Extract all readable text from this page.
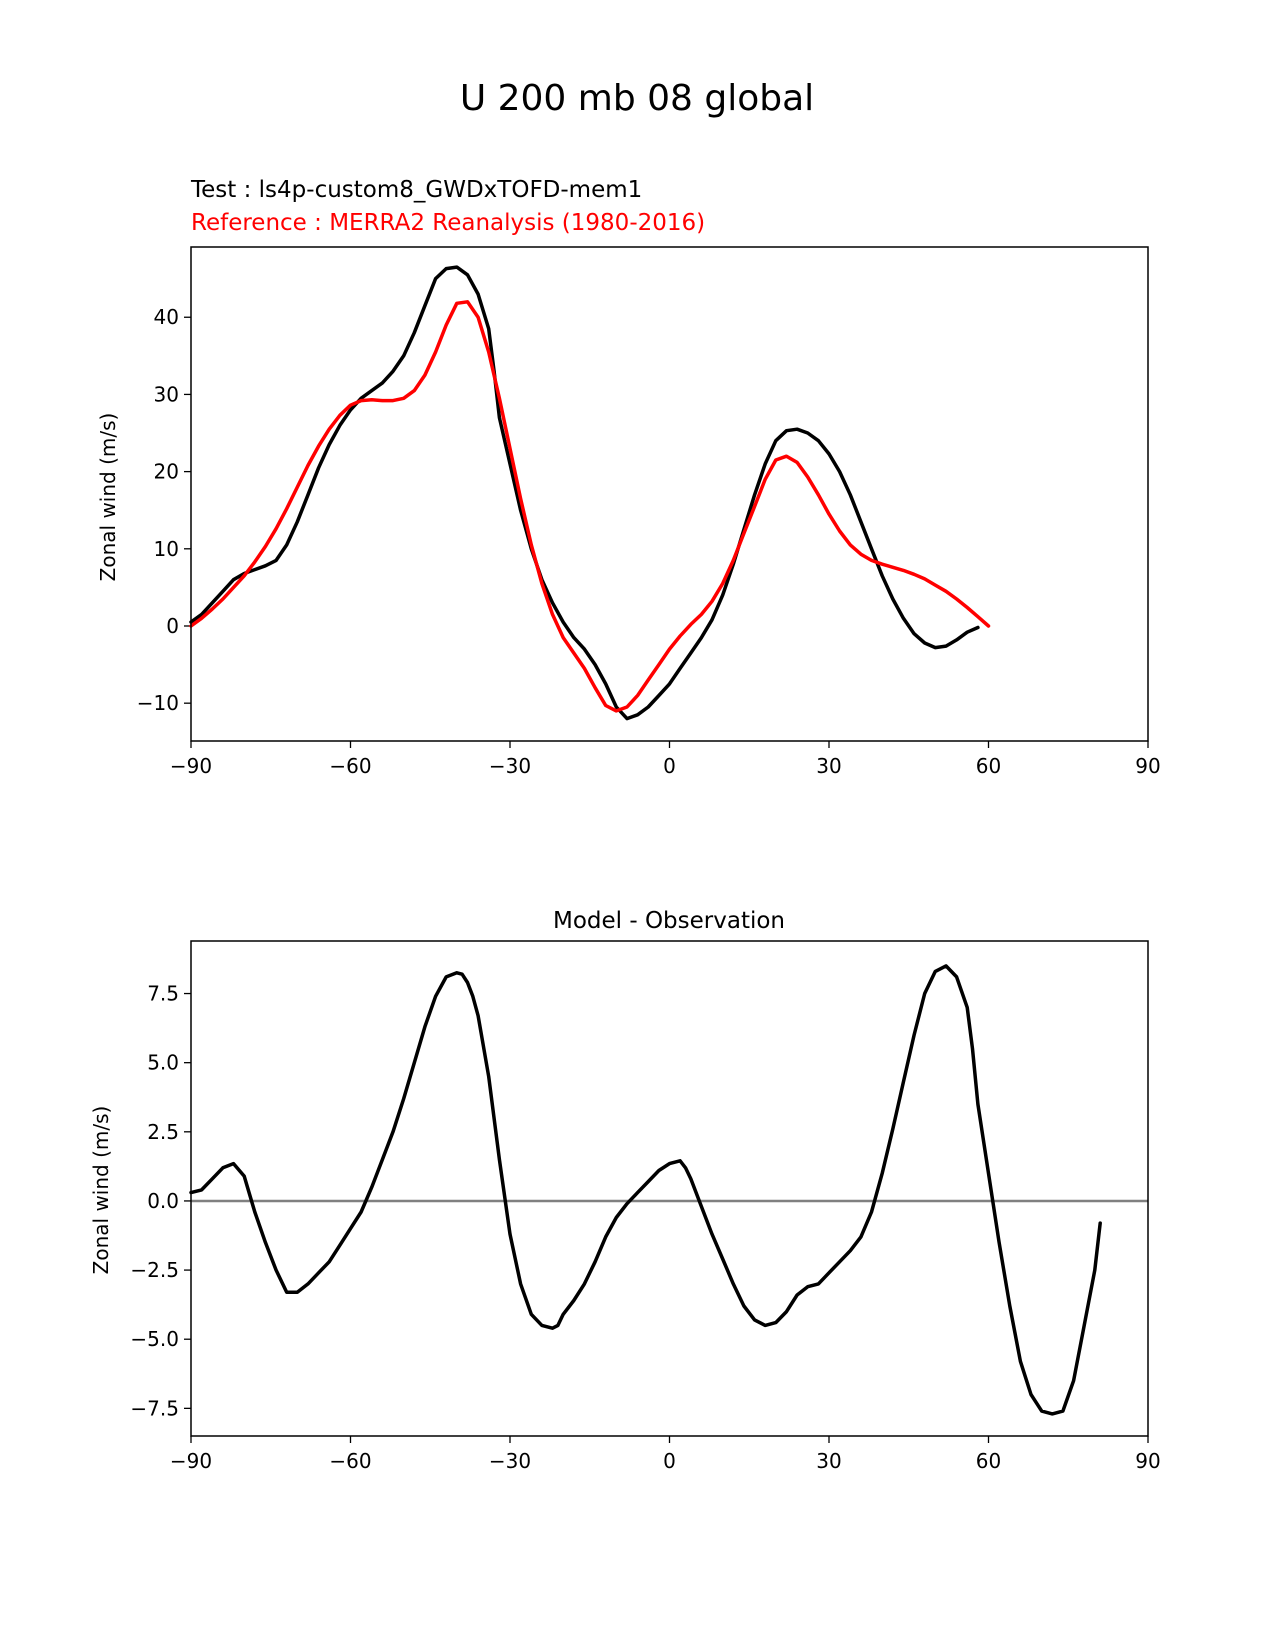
U 200 mb 08 global
Test : ls4p-custom8_GWDxTOFD-mem1
Reference : MERRA2 Reanalysis (1980-2016)
Zonal wind (m/s)
−90	−60	−30	0	30	60	90
−10
0
10
20
30
40
Model - Observation
Zonal wind (m/s)
−90	−60	−30	0	30	60	90
−7.5
−5.0
−2.5
0.0
2.5
5.0
7.5
